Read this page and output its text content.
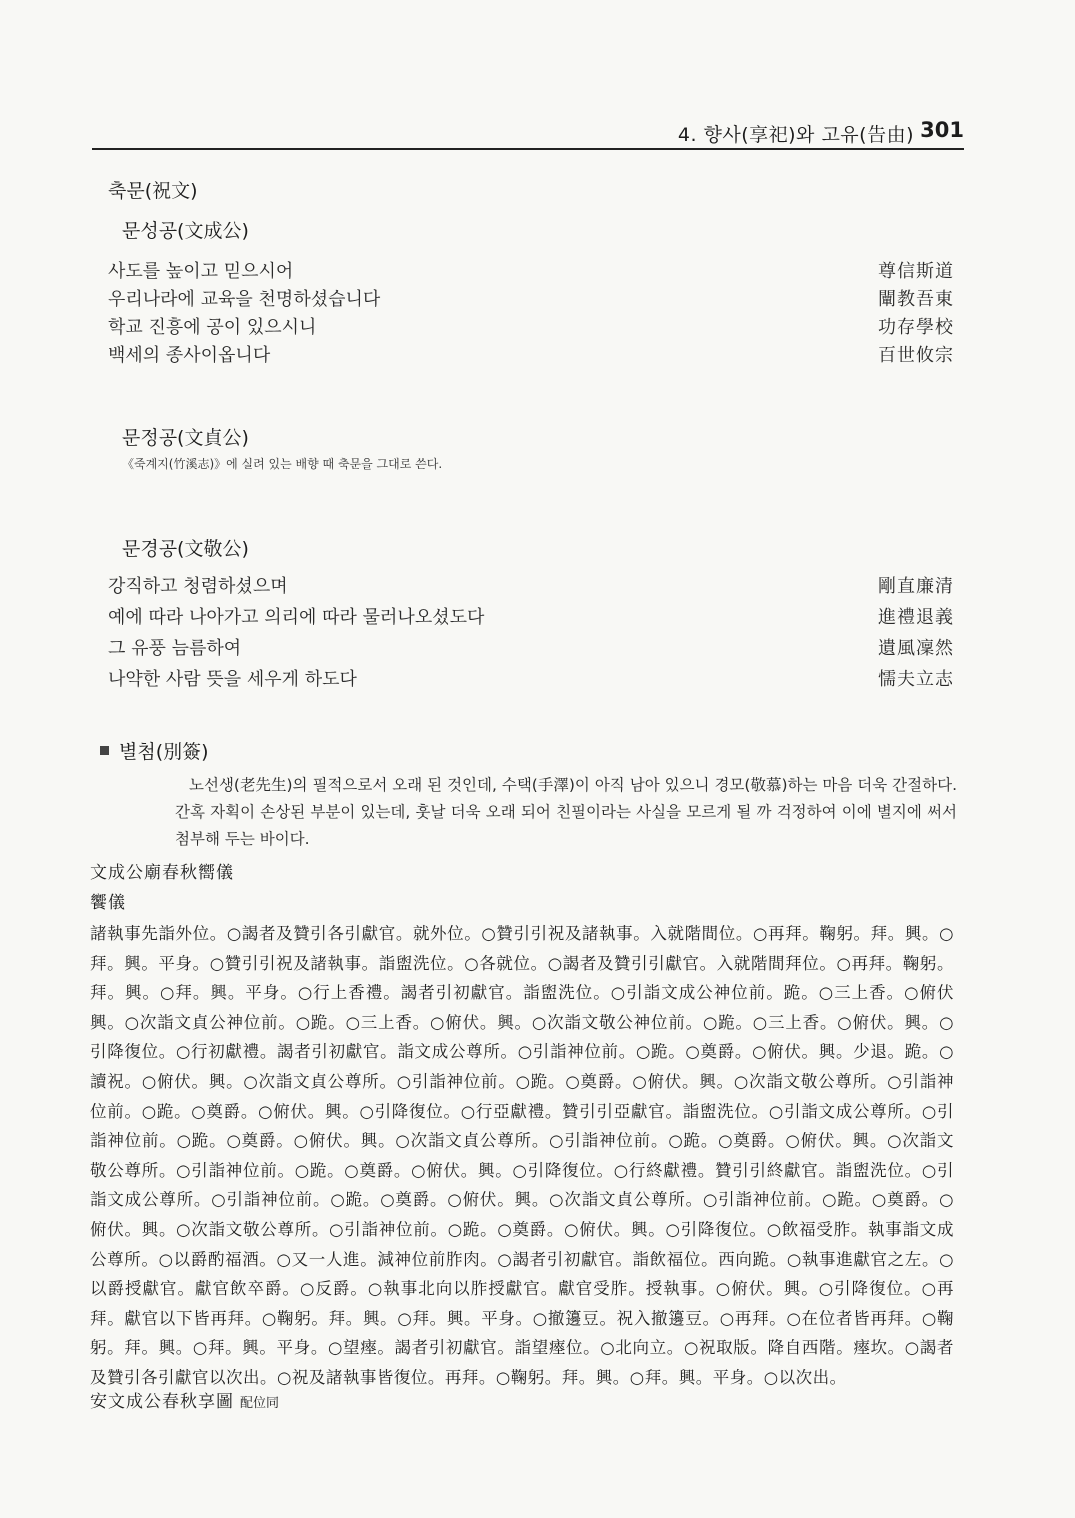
4. 향사(享祀)와 고유(告由) 301
축문(祝文)
문성공(文成公)
사도를 높이고 믿으시어	尊信斯道
우리나라에 교육을 천명하셨습니다	闡教吾東
학교 진흥에 공이 있으시니	功存學校
백세의 종사이옵니다	百世攸宗
문정공(文貞公)
《죽계지(竹溪志)》에 실려 있는 배향 때 축문을 그대로 쓴다.
문경공(文敬公)
강직하고 청렴하셨으며	剛直廉清
예에 따라 나아가고 의리에 따라 물러나오셨도다	進禮退義
그 유풍 늠름하여	遺風凜然
나약한 사람 뜻을 세우게 하도다	懦夫立志
별첨(別簽)
노선생(老先生)의 필적으로서 오래 된 것인데, 수택(手澤)이 아직 남아 있으니 경모(敬慕)하는 마음 더욱 간절하다. 간혹 자획이 손상된 부분이 있는데, 훗날 더욱 오래 되어 친필이라는 사실을 모르게 될 까 걱정하여 이에 별지에 써서 첨부해 두는 바이다.
文成公廟春秋嚮儀
饗儀
諸執事先詣外位。○謁者及贊引各引獻官。就外位。○贊引引祝及諸執事。入就階間位。○再拜。鞠躬。拜。興。○拜。興。平身。○贊引引祝及諸執事。詣盥洗位。○各就位。○謁者及贊引引獻官。入就階間拜位。○再拜。鞠躬。拜。興。○拜。興。平身。○行上香禮。謁者引初獻官。詣盥洗位。○引詣文成公神位前。跪。○三上香。○俯伏興。○次詣文貞公神位前。○跪。○三上香。○俯伏。興。○次詣文敬公神位前。○跪。○三上香。○俯伏。興。○引降復位。○行初獻禮。謁者引初獻官。詣文成公尊所。○引詣神位前。○跪。○奠爵。○俯伏。興。少退。跪。○讀祝。○俯伏。興。○次詣文貞公尊所。○引詣神位前。○跪。○奠爵。○俯伏。興。○次詣文敬公尊所。○引詣神位前。○跪。○奠爵。○俯伏。興。○引降復位。○行亞獻禮。贊引引亞獻官。詣盥洗位。○引詣文成公尊所。○引詣神位前。○跪。○奠爵。○俯伏。興。○次詣文貞公尊所。○引詣神位前。○跪。○奠爵。○俯伏。興。○次詣文敬公尊所。○引詣神位前。○跪。○奠爵。○俯伏。興。○引降復位。○行終獻禮。贊引引終獻官。詣盥洗位。○引詣文成公尊所。○引詣神位前。○跪。○奠爵。○俯伏。興。○次詣文貞公尊所。○引詣神位前。○跪。○奠爵。○俯伏。興。○次詣文敬公尊所。○引詣神位前。○跪。○奠爵。○俯伏。興。○引降復位。○飲福受胙。執事詣文成公尊所。○以爵酌福酒。○又一人進。減神位前胙肉。○謁者引初獻官。詣飲福位。西向跪。○執事進獻官之左。○以爵授獻官。獻官飲卒爵。○反爵。○執事北向以胙授獻官。獻官受胙。授執事。○俯伏。興。○引降復位。○再拜。獻官以下皆再拜。○鞠躬。拜。興。○拜。興。平身。○撤籩豆。祝入撤籩豆。○再拜。○在位者皆再拜。○鞠躬。拜。興。○拜。興。平身。○望瘞。謁者引初獻官。詣望瘞位。○北向立。○祝取版。降自西階。瘞坎。○謁者及贊引各引獻官以次出。○祝及諸執事皆復位。再拜。○鞠躬。拜。興。○拜。興。平身。○以次出。
安文成公春秋享圖 配位同
